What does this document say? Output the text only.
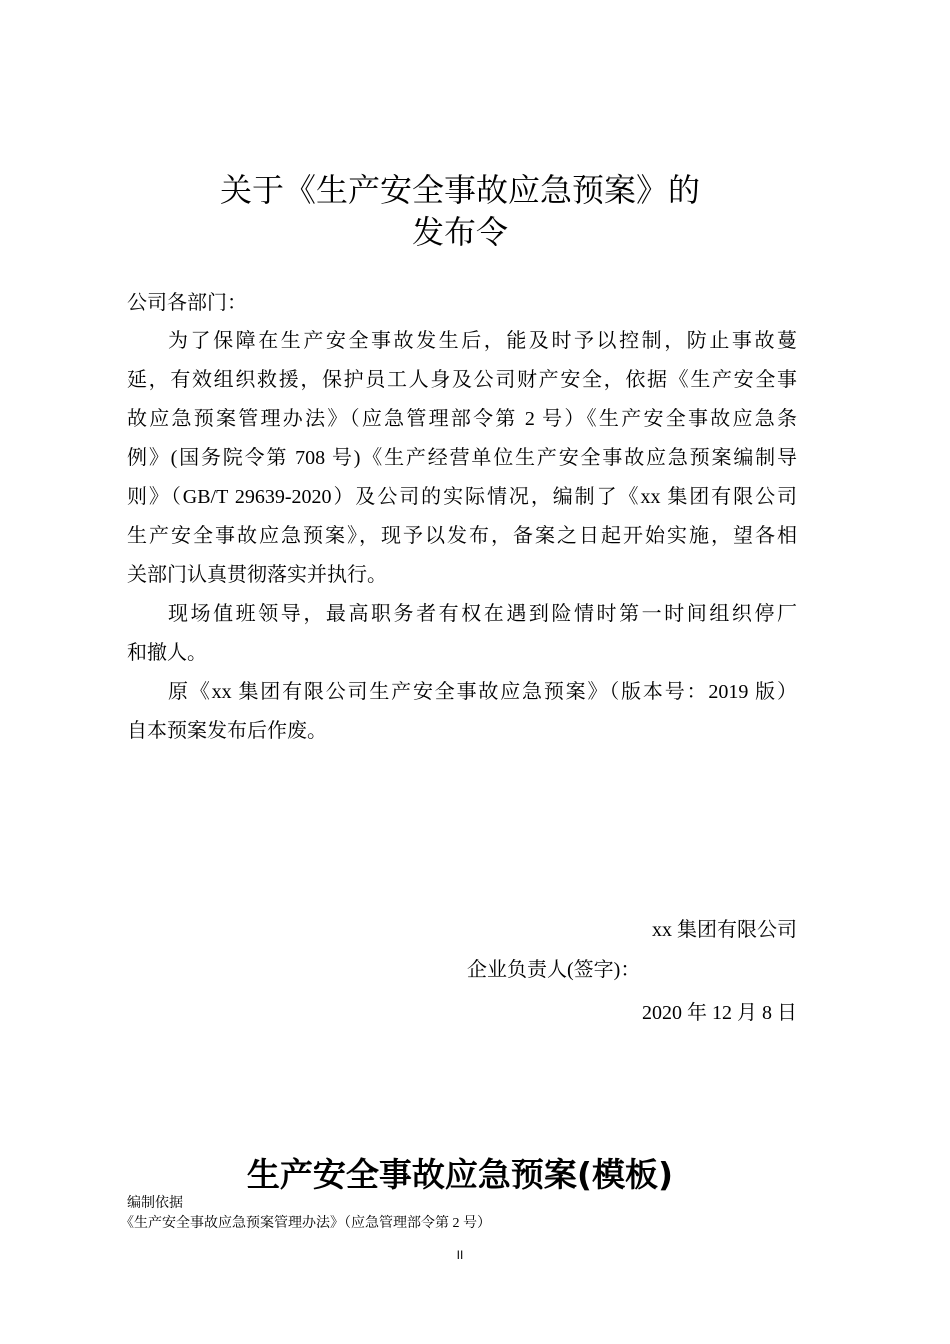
关于《生产安全事故应急预案》的
发布令
公司各部门：
为了保障在生产安全事故发生后，能及时予以控制，防止事故蔓
延，有效组织救援，保护员工人身及公司财产安全，依据《生产安全事
故应急预案管理办法》（应急管理部令第 2 号）《生产安全事故应急条
例》(国务院令第 708 号)《生产经营单位生产安全事故应急预案编制导
则》（GB/T 29639-2020）及公司的实际情况，编制了《xx 集团有限公司
生产安全事故应急预案》，现予以发布，备案之日起开始实施，望各相
关部门认真贯彻落实并执行。
现场值班领导，最高职务者有权在遇到险情时第一时间组织停厂
和撤人。
原《xx 集团有限公司生产安全事故应急预案》（版本号：2019 版）
自本预案发布后作废。
xx 集团有限公司
企业负责人(签字)：
2020 年 12 月 8 日
生产安全事故应急预案(模板)
编制依据
《生产安全事故应急预案管理办法》（应急管理部令第 2 号）
II
